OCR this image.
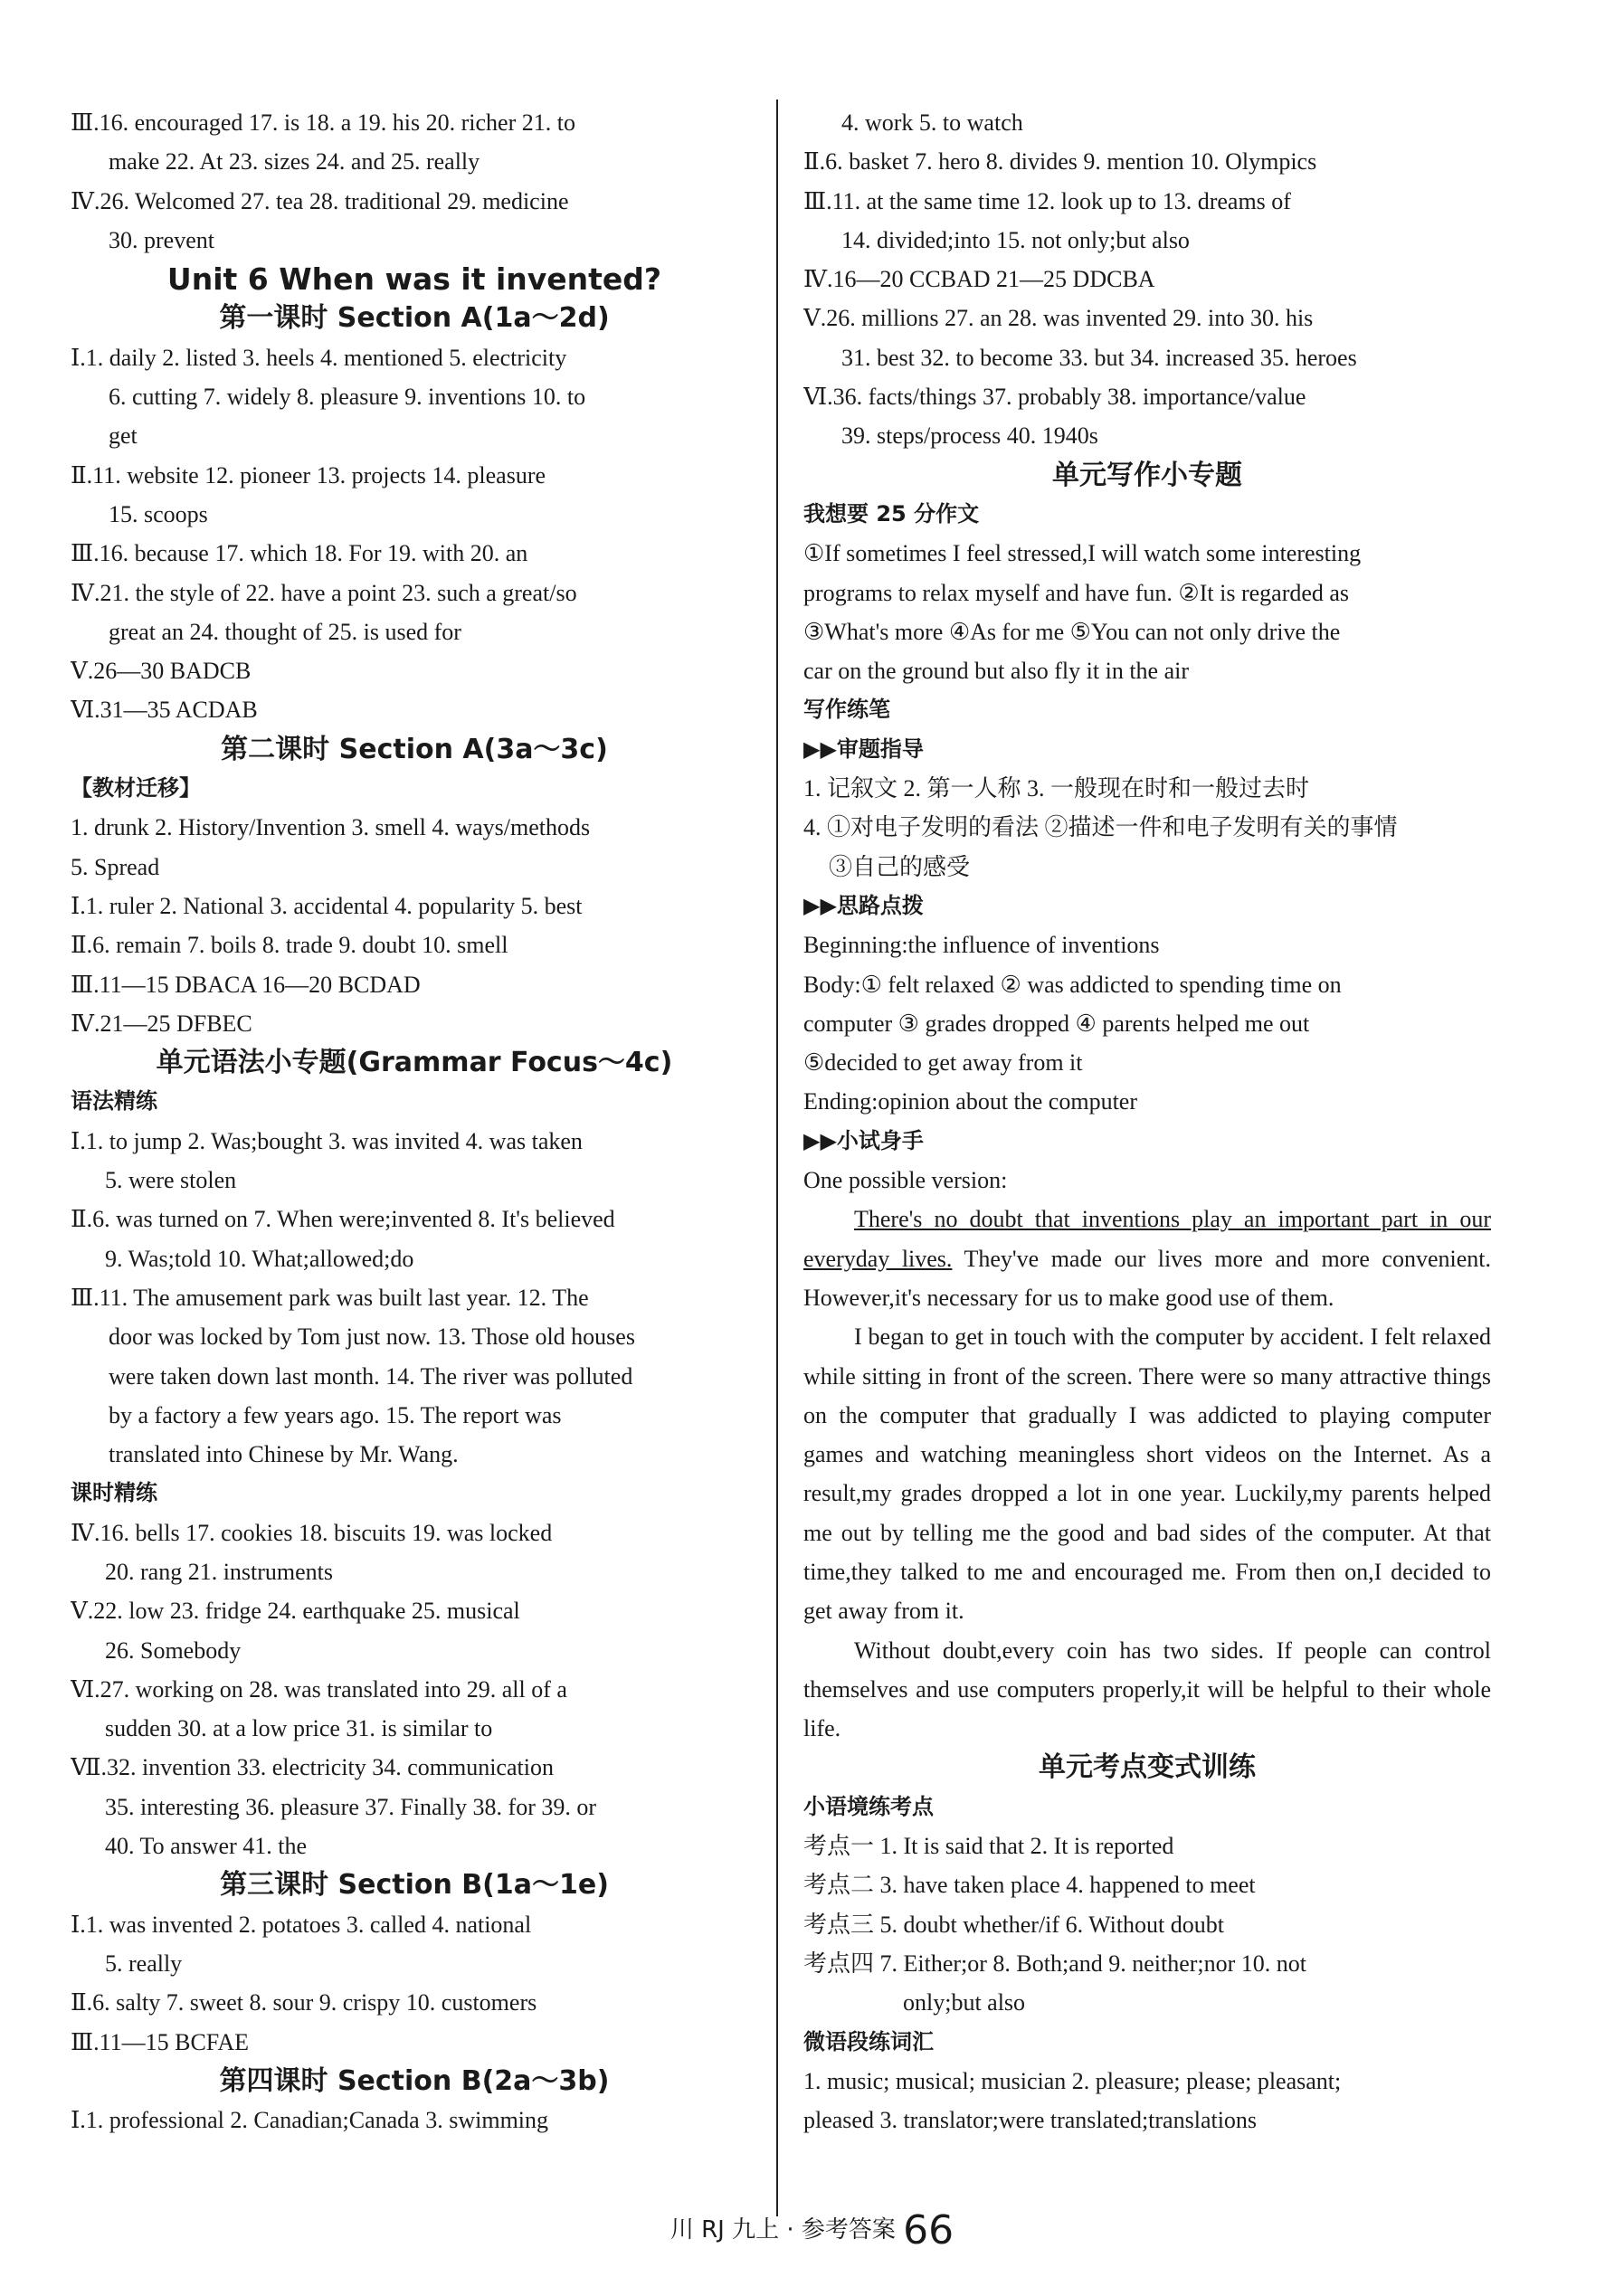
Ⅲ.16. encouraged 17. is 18. a 19. his 20. richer 21. to
make 22. At 23. sizes 24. and 25. really
Ⅳ.26. Welcomed 27. tea 28. traditional 29. medicine
30. prevent
Unit 6 When was it invented?
第一课时 Section A(1a～2d)
Ⅰ.1. daily 2. listed 3. heels 4. mentioned 5. electricity
6. cutting 7. widely 8. pleasure 9. inventions 10. to
get
Ⅱ.11. website 12. pioneer 13. projects 14. pleasure
15. scoops
Ⅲ.16. because 17. which 18. For 19. with 20. an
Ⅳ.21. the style of 22. have a point 23. such a great/so
great an 24. thought of 25. is used for
Ⅴ.26—30 BADCB
Ⅵ.31—35 ACDAB
第二课时 Section A(3a～3c)
【教材迁移】
1. drunk 2. History/Invention 3. smell 4. ways/methods
5. Spread
Ⅰ.1. ruler 2. National 3. accidental 4. popularity 5. best
Ⅱ.6. remain 7. boils 8. trade 9. doubt 10. smell
Ⅲ.11—15 DBACA 16—20 BCDAD
Ⅳ.21—25 DFBEC
单元语法小专题(Grammar Focus～4c)
语法精练
Ⅰ.1. to jump 2. Was;bought 3. was invited 4. was taken
5. were stolen
Ⅱ.6. was turned on 7. When were;invented 8. It's believed
9. Was;told 10. What;allowed;do
Ⅲ.11. The amusement park was built last year. 12. The
door was locked by Tom just now. 13. Those old houses
were taken down last month. 14. The river was polluted
by a factory a few years ago. 15. The report was
translated into Chinese by Mr. Wang.
课时精练
Ⅳ.16. bells 17. cookies 18. biscuits 19. was locked
20. rang 21. instruments
Ⅴ.22. low 23. fridge 24. earthquake 25. musical
26. Somebody
Ⅵ.27. working on 28. was translated into 29. all of a
sudden 30. at a low price 31. is similar to
Ⅶ.32. invention 33. electricity 34. communication
35. interesting 36. pleasure 37. Finally 38. for 39. or
40. To answer 41. the
第三课时 Section B(1a～1e)
Ⅰ.1. was invented 2. potatoes 3. called 4. national
5. really
Ⅱ.6. salty 7. sweet 8. sour 9. crispy 10. customers
Ⅲ.11—15 BCFAE
第四课时 Section B(2a～3b)
Ⅰ.1. professional 2. Canadian;Canada 3. swimming
4. work 5. to watch
Ⅱ.6. basket 7. hero 8. divides 9. mention 10. Olympics
Ⅲ.11. at the same time 12. look up to 13. dreams of
14. divided;into 15. not only;but also
Ⅳ.16—20 CCBAD 21—25 DDCBA
Ⅴ.26. millions 27. an 28. was invented 29. into 30. his
31. best 32. to become 33. but 34. increased 35. heroes
Ⅵ.36. facts/things 37. probably 38. importance/value
39. steps/process 40. 1940s
单元写作小专题
我想要 25 分作文
①If sometimes I feel stressed,I will watch some interesting
programs to relax myself and have fun. ②It is regarded as
③What's more ④As for me ⑤You can not only drive the
car on the ground but also fly it in the air
写作练笔
▶▶审题指导
1. 记叙文 2. 第一人称 3. 一般现在时和一般过去时
4. ①对电子发明的看法 ②描述一件和电子发明有关的事情
③自己的感受
▶▶思路点拨
Beginning:the influence of inventions
Body:① felt relaxed ② was addicted to spending time on
computer ③ grades dropped ④ parents helped me out
⑤decided to get away from it
Ending:opinion about the computer
▶▶小试身手
One possible version:
There's no doubt that inventions play an important part in our everyday lives. They've made our lives more and more convenient. However,it's necessary for us to make good use of them.
I began to get in touch with the computer by accident. I felt relaxed while sitting in front of the screen. There were so many attractive things on the computer that gradually I was addicted to playing computer games and watching meaningless short videos on the Internet. As a result,my grades dropped a lot in one year. Luckily,my parents helped me out by telling me the good and bad sides of the computer. At that time,they talked to me and encouraged me. From then on,I decided to get away from it.
Without doubt,every coin has two sides. If people can control themselves and use computers properly,it will be helpful to their whole life.
单元考点变式训练
小语境练考点
考点一 1. It is said that 2. It is reported
考点二 3. have taken place 4. happened to meet
考点三 5. doubt whether/if 6. Without doubt
考点四 7. Either;or 8. Both;and 9. neither;nor 10. not
only;but also
微语段练词汇
1. music; musical; musician 2. pleasure; please; pleasant;
pleased 3. translator;were translated;translations
川 RJ 九上 · 参考答案 66
